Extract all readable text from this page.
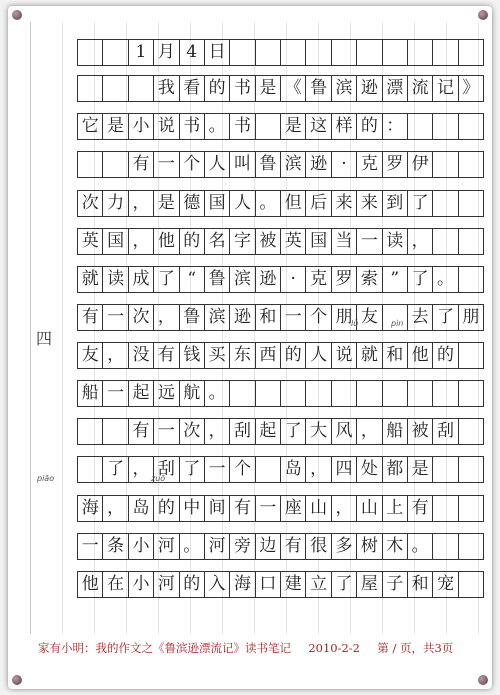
1 月 4 日
我 看 的 书 是 《 鲁 滨 逊 漂 流 记 》
它 是 小 说 书 。 书 是 这 样 的 ：
有 一 个 人 叫 鲁 滨 逊 · 克 罗 伊
次 力 ， 是 德 国 人 。 但 后 来 来 到 了
英 国 ， 他 的 名 字 被 英 国 当 一 读 ，
就 读 成 了 “ 鲁 滨 逊 · 克 罗 索 ” 了 。
有 一 次 ， 鲁 滨 逊 和 一 个 朋 友 去 了 朋
友 ， 没 有 钱 买 东 西 的 人 说 就 和 他 的
船 一 起 远 航 。
有 一 次 ， 刮 起 了 大 风 ， 船 被 刮
了 ， 刮 了 一 个 岛 ， 四 处 都 是
海 ， 岛 的 中 间 有 一 座 山 ， 山 上 有
一 条 小 河 。 河 旁 边 有 很 多 树 木 。
他 在 小 河 的 入 海 口 建 立 了 屋 子 和 宠
lǔ	pìn
piāo	zuō
四
家有小明：我的作文之《鲁滨逊漂流记》读书笔记 2010-2-2 第 / 页，共3页
